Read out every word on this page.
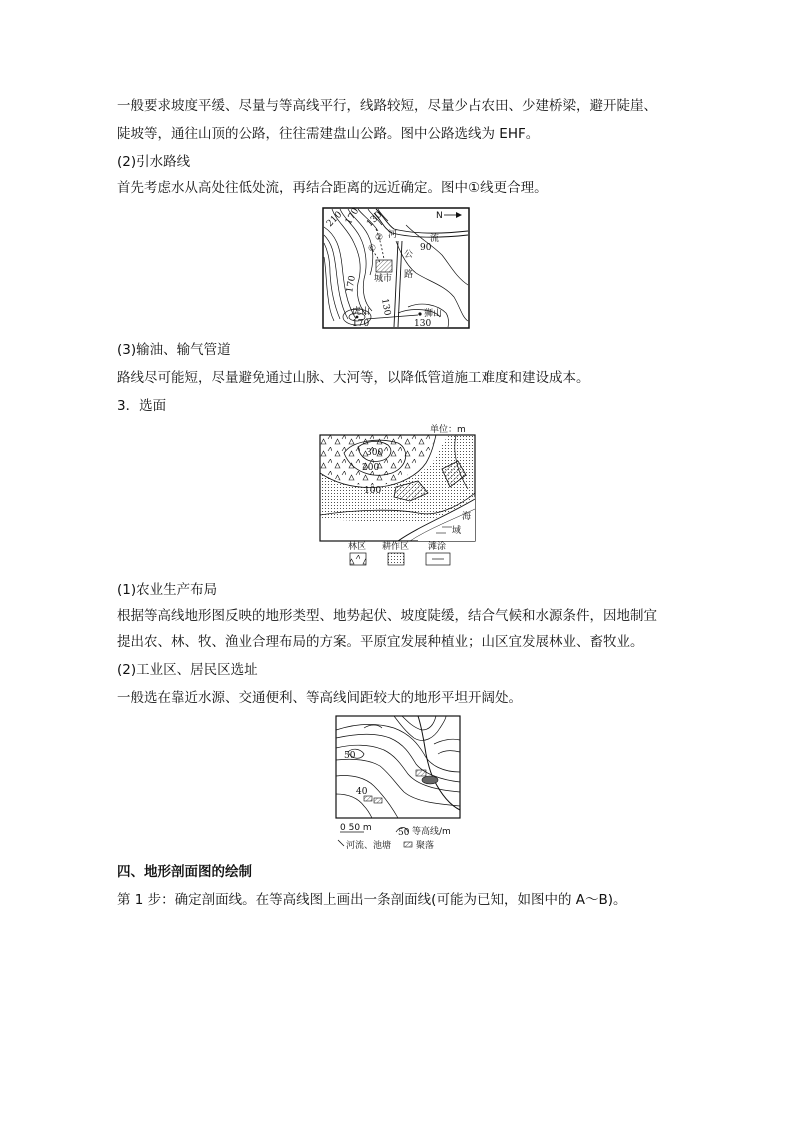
一般要求坡度平缓、尽量与等高线平行，线路较短，尽量少占农田、少建桥梁，避开陡崖、
陡坡等，通往山顶的公路，往往需建盘山公路。图中公路选线为 EHF。
(2)引水路线
首先考虑水从高处往低处流，再结合距离的远近确定。图中①线更合理。
210 170 130	N
河	流
90
①
②
城市
公
路
170
130
虎山
170
狮山
130
(3)输油、输气管道
路线尽可能短，尽量避免通过山脉、大河等，以降低管道施工难度和建设成本。
3．选面
单位：m
300
200
100
海
域
林区 耕作区 滩涂
(1)农业生产布局
根据等高线地形图反映的地形类型、地势起伏、坡度陡缓，结合气候和水源条件，因地制宜
提出农、林、牧、渔业合理布局的方案。平原宜发展种植业；山区宜发展林业、畜牧业。
(2)工业区、居民区选址
一般选在靠近水源、交通便利、等高线间距较大的地形平坦开阔处。
50
40
0 50 m	50 等高线/m
河流、池塘	聚落
四、地形剖面图的绘制
第 1 步：确定剖面线。在等高线图上画出一条剖面线(可能为已知，如图中的 A～B)。
